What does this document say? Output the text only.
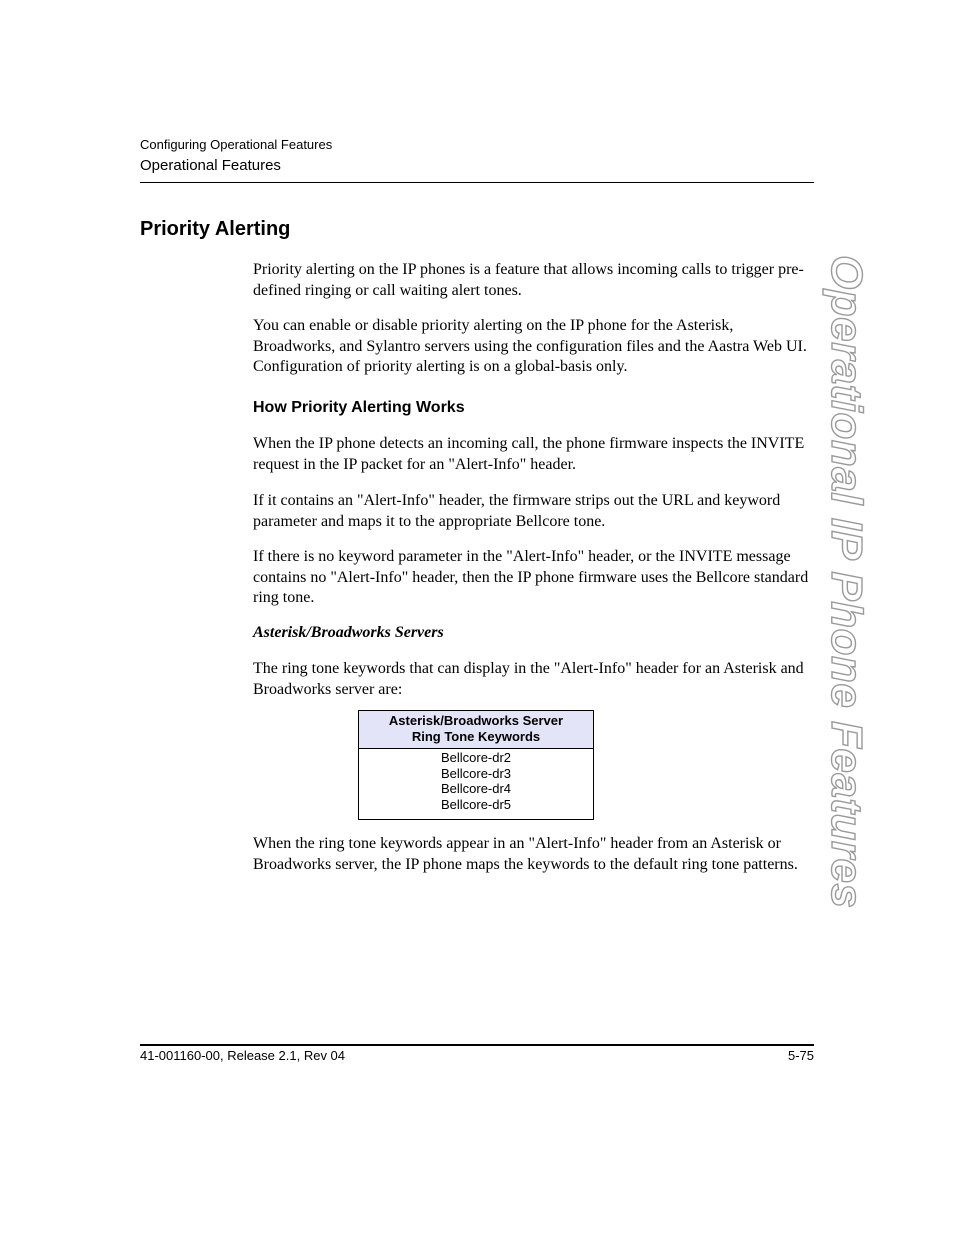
Configuring Operational Features
Operational Features
Priority Alerting
Priority alerting on the IP phones is a feature that allows incoming calls to trigger pre-defined ringing or call waiting alert tones.
You can enable or disable priority alerting on the IP phone for the Asterisk, Broadworks, and Sylantro servers using the configuration files and the Aastra Web UI. Configuration of priority alerting is on a global-basis only.
How Priority Alerting Works
When the IP phone detects an incoming call, the phone firmware inspects the INVITE request in the IP packet for an "Alert-Info" header.
If it contains an "Alert-Info" header, the firmware strips out the URL and keyword parameter and maps it to the appropriate Bellcore tone.
If there is no keyword parameter in the "Alert-Info" header, or the INVITE message contains no "Alert-Info" header, then the IP phone firmware uses the Bellcore standard ring tone.
Asterisk/Broadworks Servers
The ring tone keywords that can display in the "Alert-Info" header for an Asterisk and Broadworks server are:
Asterisk/Broadworks Server
Ring Tone Keywords
Bellcore-dr2
Bellcore-dr3
Bellcore-dr4
Bellcore-dr5
When the ring tone keywords appear in an "Alert-Info" header from an Asterisk or Broadworks server, the IP phone maps the keywords to the default ring tone patterns. Operational IP Phone Features
41-001160-00, Release 2.1, Rev 04	5-75
